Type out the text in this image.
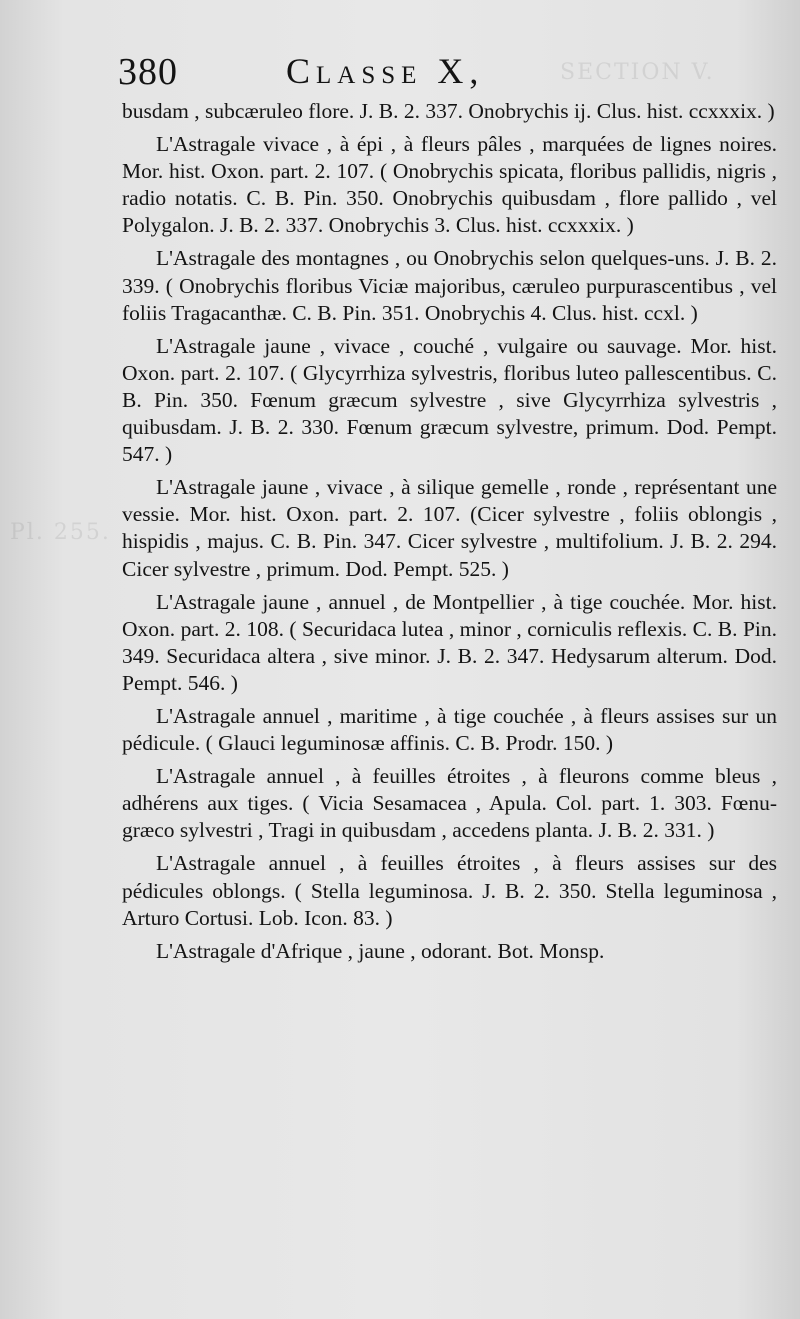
SECTION V.
Pl. 255.
380	Classe X,

busdam , subcæruleo flore. J. B. 2. 337. Onobrychis ij. Clus. hist. ccxxxix. )

L'Astragale vivace , à épi , à fleurs pâles , marquées de lignes noires. Mor. hist. Oxon. part. 2. 107. ( Onobrychis spicata, floribus pallidis, nigris , radio notatis. C. B. Pin. 350. Onobrychis quibusdam , flore pallido , vel Polygalon. J. B. 2. 337. Onobrychis 3. Clus. hist. ccxxxix. )

L'Astragale des montagnes , ou Onobrychis selon quelques-uns. J. B. 2. 339. ( Onobrychis floribus Viciæ majoribus, cæruleo purpurascentibus , vel foliis Tragacanthæ. C. B. Pin. 351. Onobrychis 4. Clus. hist. ccxl. )

L'Astragale jaune , vivace , couché , vulgaire ou sauvage. Mor. hist. Oxon. part. 2. 107. ( Glycyrrhiza sylvestris, floribus luteo pallescentibus. C. B. Pin. 350. Fœnum græcum sylvestre , sive Glycyrrhiza sylvestris , quibusdam. J. B. 2. 330. Fœnum græcum sylvestre, primum. Dod. Pempt. 547. )

L'Astragale jaune , vivace , à silique gemelle , ronde , représentant une vessie. Mor. hist. Oxon. part. 2. 107. (Cicer sylvestre , foliis oblongis , hispidis , majus. C. B. Pin. 347. Cicer sylvestre , multifolium. J. B. 2. 294. Cicer sylvestre , primum. Dod. Pempt. 525. )

L'Astragale jaune , annuel , de Montpellier , à tige couchée. Mor. hist. Oxon. part. 2. 108. ( Securidaca lutea , minor , corniculis reflexis. C. B. Pin. 349. Securidaca altera , sive minor. J. B. 2. 347. Hedysarum alterum. Dod. Pempt. 546. )

L'Astragale annuel , maritime , à tige couchée , à fleurs assises sur un pédicule. ( Glauci leguminosæ affinis. C. B. Prodr. 150. )

L'Astragale annuel , à feuilles étroites , à fleurons comme bleus , adhérens aux tiges. ( Vicia Sesamacea , Apula. Col. part. 1. 303. Fœnu-græco sylvestri , Tragi in quibusdam , accedens planta. J. B. 2. 331. )

L'Astragale annuel , à feuilles étroites , à fleurs assises sur des pédicules oblongs. ( Stella leguminosa. J. B. 2. 350. Stella leguminosa , Arturo Cortusi. Lob. Icon. 83. )

L'Astragale d'Afrique , jaune , odorant. Bot. Monsp.
